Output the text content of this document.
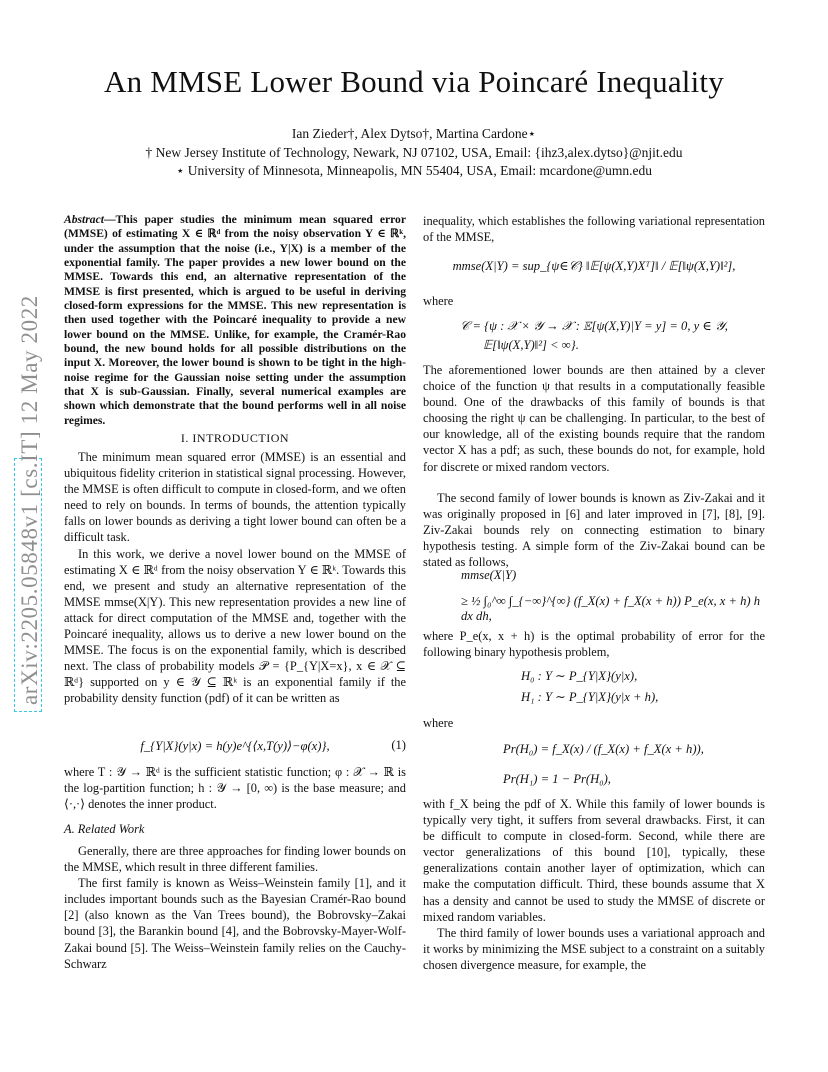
arXiv:2205.05848v1 [cs.IT] 12 May 2022
An MMSE Lower Bound via Poincaré Inequality
Ian Zieder†, Alex Dytso†, Martina Cardone⋆
† New Jersey Institute of Technology, Newark, NJ 07102, USA, Email: {ihz3,alex.dytso}@njit.edu
⋆ University of Minnesota, Minneapolis, MN 55404, USA, Email: mcardone@umn.edu
Abstract—This paper studies the minimum mean squared error (MMSE) of estimating X ∈ ℝᵈ from the noisy observation Y ∈ ℝᵏ, under the assumption that the noise (i.e., Y|X) is a member of the exponential family. The paper provides a new lower bound on the MMSE. Towards this end, an alternative representation of the MMSE is first presented, which is argued to be useful in deriving closed-form expressions for the MMSE. This new representation is then used together with the Poincaré inequality to provide a new lower bound on the MMSE. Unlike, for example, the Cramér-Rao bound, the new bound holds for all possible distributions on the input X. Moreover, the lower bound is shown to be tight in the high-noise regime for the Gaussian noise setting under the assumption that X is sub-Gaussian. Finally, several numerical examples are shown which demonstrate that the bound performs well in all noise regimes.
I. INTRODUCTION

The minimum mean squared error (MMSE) is an essential and ubiquitous fidelity criterion in statistical signal processing. However, the MMSE is often difficult to compute in closed-form, and we often need to rely on bounds. In terms of bounds, the attention typically falls on lower bounds as deriving a tight lower bound can often be a difficult task.

In this work, we derive a novel lower bound on the MMSE of estimating X ∈ ℝᵈ from the noisy observation Y ∈ ℝᵏ. Towards this end, we present and study an alternative representation of the MMSE mmse(X|Y). This new representation provides a new line of attack for direct computation of the MMSE and, together with the Poincaré inequality, allows us to derive a new lower bound on the MMSE. The focus is on the exponential family, which is described next. The class of probability models 𝒫 = {P_{Y|X=x}, x ∈ 𝒳 ⊆ ℝᵈ} supported on y ∈ 𝒴 ⊆ ℝᵏ is an exponential family if the probability density function (pdf) of it can be written as

f_{Y|X}(y|x) = h(y)e^{⟨x,T(y)⟩−φ(x)},	(1)
where T : 𝒴 → ℝᵈ is the sufficient statistic function; φ : 𝒳 → ℝ is the log-partition function; h : 𝒴 → [0, ∞) is the base measure; and ⟨·,·⟩ denotes the inner product.
A. Related Work

Generally, there are three approaches for finding lower bounds on the MMSE, which result in three different families.

The first family is known as Weiss–Weinstein family [1], and it includes important bounds such as the Bayesian Cramér-Rao bound [2] (also known as the Van Trees bound), the Bobrovsky–Zakai bound [3], the Barankin bound [4], and the Bobrovsky-Mayer-Wolf-Zakai bound [5]. The Weiss–Weinstein family relies on the Cauchy-Schwarz

inequality, which establishes the following variational representation of the MMSE,
mmse(X|Y) = sup_{ψ∈𝒞} ‖𝔼[ψ(X,Y)Xᵀ]‖ / 𝔼[‖ψ(X,Y)‖²],
where
𝒞 = {ψ : 𝒳 × 𝒴 → 𝒳 : 𝔼[ψ(X,Y)|Y = y] = 0, y ∈ 𝒴,
𝔼[‖ψ(X,Y)‖²] < ∞}.
The aforementioned lower bounds are then attained by a clever choice of the function ψ that results in a computationally feasible bound. One of the drawbacks of this family of bounds is that choosing the right ψ can be challenging. In particular, to the best of our knowledge, all of the existing bounds require that the random vector X has a pdf; as such, these bounds do not, for example, hold for discrete or mixed random vectors.

The second family of lower bounds is known as Ziv-Zakai and it was originally proposed in [6] and later improved in [7], [8], [9]. Ziv-Zakai bounds rely on connecting estimation to binary hypothesis testing. A simple form of the Ziv-Zakai bound can be stated as follows,

mmse(X|Y)
≥ ½ ∫₀^∞ ∫_{−∞}^{∞} (f_X(x) + f_X(x + h)) P_e(x, x + h) h dx dh,
where P_e(x, x + h) is the optimal probability of error for the following binary hypothesis problem,
H₀ : Y ∼ P_{Y|X}(y|x),
H₁ : Y ∼ P_{Y|X}(y|x + h),
where
Pr(H₀) = f_X(x) / (f_X(x) + f_X(x + h)),
Pr(H₁) = 1 − Pr(H₀),
with f_X being the pdf of X. While this family of lower bounds is typically very tight, it suffers from several drawbacks. First, it can be difficult to compute in closed-form. Second, while there are vector generalizations of this bound [10], typically, these generalizations contain another layer of optimization, which can make the computation difficult. Third, these bounds assume that X has a density and cannot be used to study the MMSE of discrete or mixed random variables.

The third family of lower bounds uses a variational approach and it works by minimizing the MSE subject to a constraint on a suitably chosen divergence measure, for example, the
